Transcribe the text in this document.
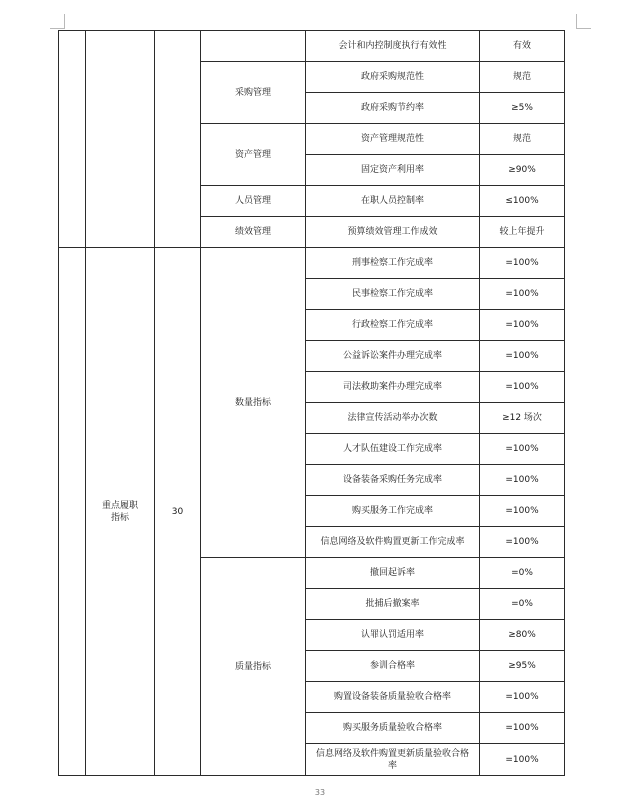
				会计和内控制度执行有效性	有效
			采购管理	政府采购规范性	规范
				政府采购节约率	≥5%
			资产管理	资产管理规范性	规范
				固定资产利用率	≥90%
			人员管理	在职人员控制率	≤100%
			绩效管理	预算绩效管理工作成效	较上年提升
	重点履职指标	30	数量指标	刑事检察工作完成率	=100%
				民事检察工作完成率	=100%
				行政检察工作完成率	=100%
				公益诉讼案件办理完成率	=100%
				司法救助案件办理完成率	=100%
				法律宣传活动举办次数	≥12 场次
				人才队伍建设工作完成率	=100%
				设备装备采购任务完成率	=100%
				购买服务工作完成率	=100%
				信息网络及软件购置更新工作完成率	=100%
			质量指标	撤回起诉率	=0%
				批捕后撤案率	=0%
				认罪认罚适用率	≥80%
				参训合格率	≥95%
				购置设备装备质量验收合格率	=100%
				购买服务质量验收合格率	=100%
				信息网络及软件购置更新质量验收合格率	=100%
33
